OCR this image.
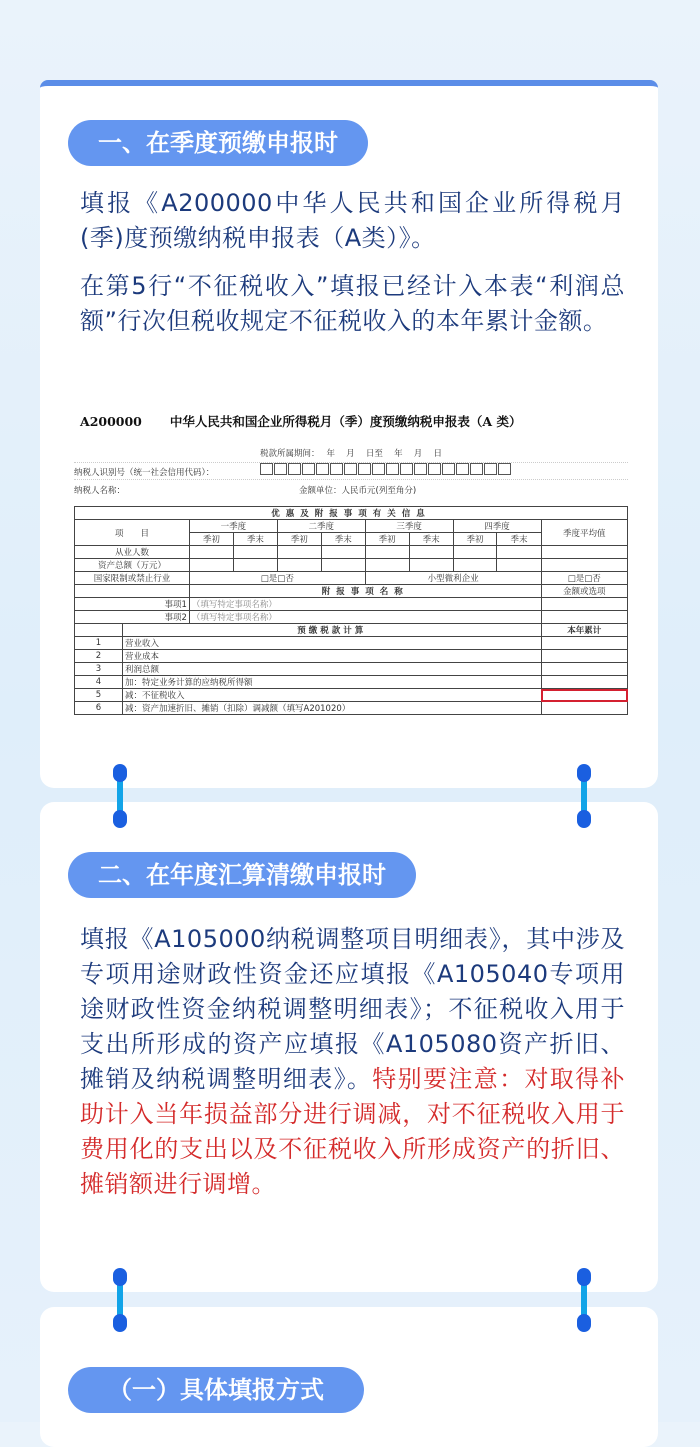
一、在季度预缴申报时
填报《A200000中华人民共和国企业所得税月(季)度预缴纳税申报表（A类）》。
在第5行“不征税收入”填报已经计入本表“利润总额”行次但税收规定不征税收入的本年累计金额。
A200000 中华人民共和国企业所得税月（季）度预缴纳税申报表（A 类）
税款所属期间：　 年　 月　 日至　 年　 月　 日
纳税人识别号（统一社会信用代码）：
纳税人名称：	金额单位：人民币元(列至角分)
优惠及附报事项有关信息										
项　　目		一季度		二季度		三季度		四季度		季度平均值
		季初	季末	季初	季末	季初	季末	季初	季末	
从业人数										
资产总额（万元）										
国家限制或禁止行业		□是□否				小型微利企业				□是□否
		附报事项名称								金额或选项
事项1		（填写特定事项名称）								
事项2		（填写特定事项名称）								
	预缴税款计算									本年累计
1	营业收入									
2	营业成本									
3	利润总额									
4	加：特定业务计算的应纳税所得额									
5	减：不征税收入									
6	减：资产加速折旧、摊销（扣除）调减额（填写A201020）									
二、在年度汇算清缴申报时
填报《A105000纳税调整项目明细表》，其中涉及专项用途财政性资金还应填报《A105040专项用途财政性资金纳税调整明细表》；不征税收入用于支出所形成的资产应填报《A105080资产折旧、摊销及纳税调整明细表》。特别要注意：对取得补助计入当年损益部分进行调减，对不征税收入用于费用化的支出以及不征税收入所形成资产的折旧、摊销额进行调增。
（一）具体填报方式
